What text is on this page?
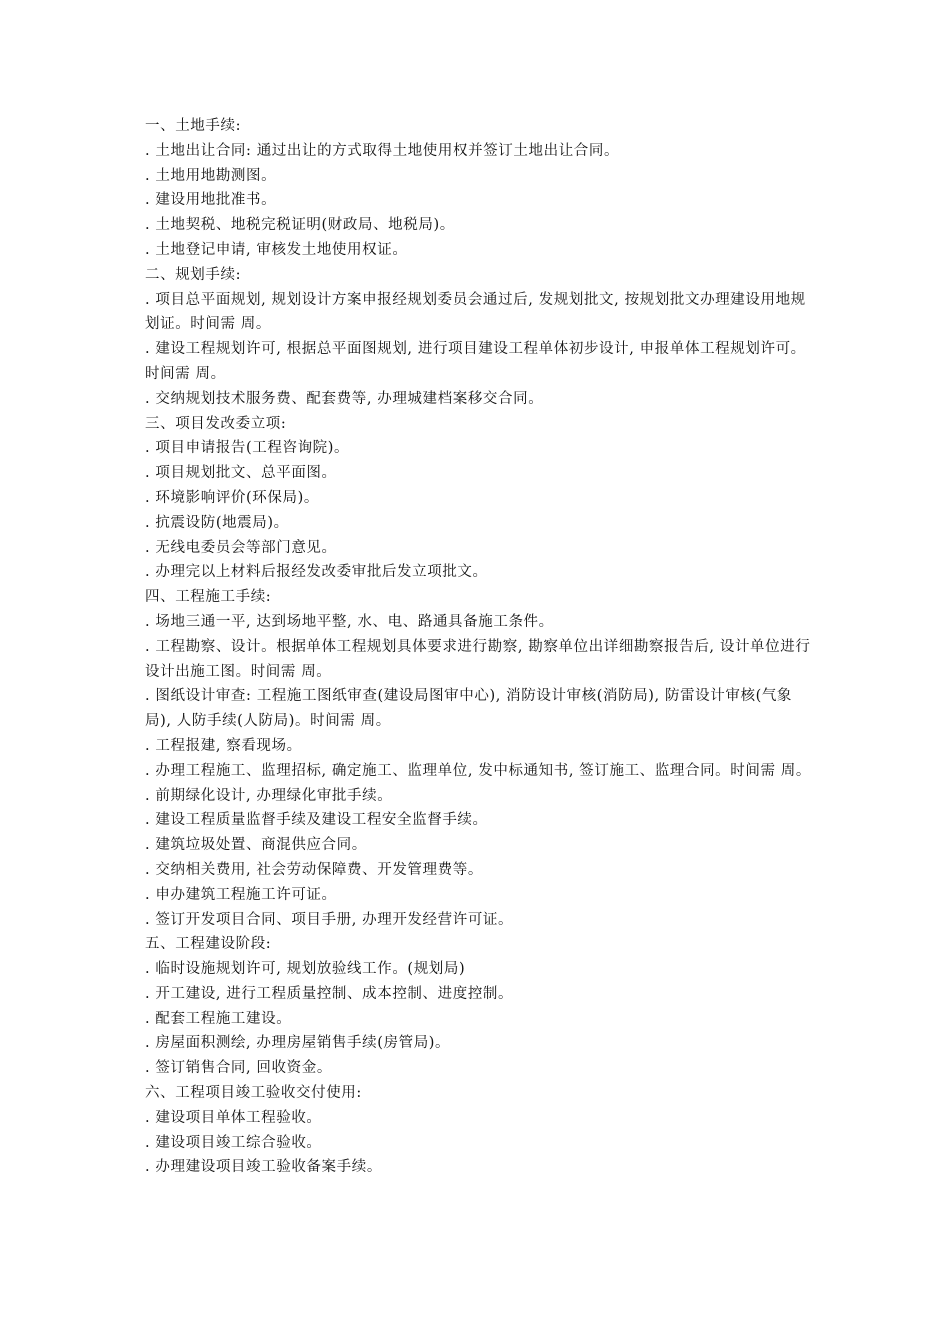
一、土地手续:
. 土地出让合同: 通过出让的方式取得土地使用权并签订土地出让合同。
. 土地用地勘测图。
. 建设用地批准书。
. 土地契税、地税完税证明(财政局、地税局)。
. 土地登记申请, 审核发土地使用权证。
二、规划手续:
. 项目总平面规划, 规划设计方案申报经规划委员会通过后, 发规划批文, 按规划批文办理建设用地规划证。时间需 周。
. 建设工程规划许可, 根据总平面图规划, 进行项目建设工程单体初步设计, 申报单体工程规划许可。时间需 周。
. 交纳规划技术服务费、配套费等, 办理城建档案移交合同。
三、项目发改委立项:
. 项目申请报告(工程咨询院)。
. 项目规划批文、总平面图。
. 环境影响评价(环保局)。
. 抗震设防(地震局)。
. 无线电委员会等部门意见。
. 办理完以上材料后报经发改委审批后发立项批文。
四、工程施工手续:
. 场地三通一平, 达到场地平整, 水、电、路通具备施工条件。
. 工程勘察、设计。根据单体工程规划具体要求进行勘察, 勘察单位出详细勘察报告后, 设计单位进行设计出施工图。时间需 周。
. 图纸设计审查: 工程施工图纸审查(建设局图审中心), 消防设计审核(消防局), 防雷设计审核(气象局), 人防手续(人防局)。时间需 周。
. 工程报建, 察看现场。
. 办理工程施工、监理招标, 确定施工、监理单位, 发中标通知书, 签订施工、监理合同。时间需 周。
. 前期绿化设计, 办理绿化审批手续。
. 建设工程质量监督手续及建设工程安全监督手续。
. 建筑垃圾处置、商混供应合同。
. 交纳相关费用, 社会劳动保障费、开发管理费等。
. 申办建筑工程施工许可证。
. 签订开发项目合同、项目手册, 办理开发经营许可证。
五、工程建设阶段:
. 临时设施规划许可, 规划放验线工作。(规划局)
. 开工建设, 进行工程质量控制、成本控制、进度控制。
. 配套工程施工建设。
. 房屋面积测绘, 办理房屋销售手续(房管局)。
. 签订销售合同, 回收资金。
六、工程项目竣工验收交付使用:
. 建设项目单体工程验收。
. 建设项目竣工综合验收。
. 办理建设项目竣工验收备案手续。
